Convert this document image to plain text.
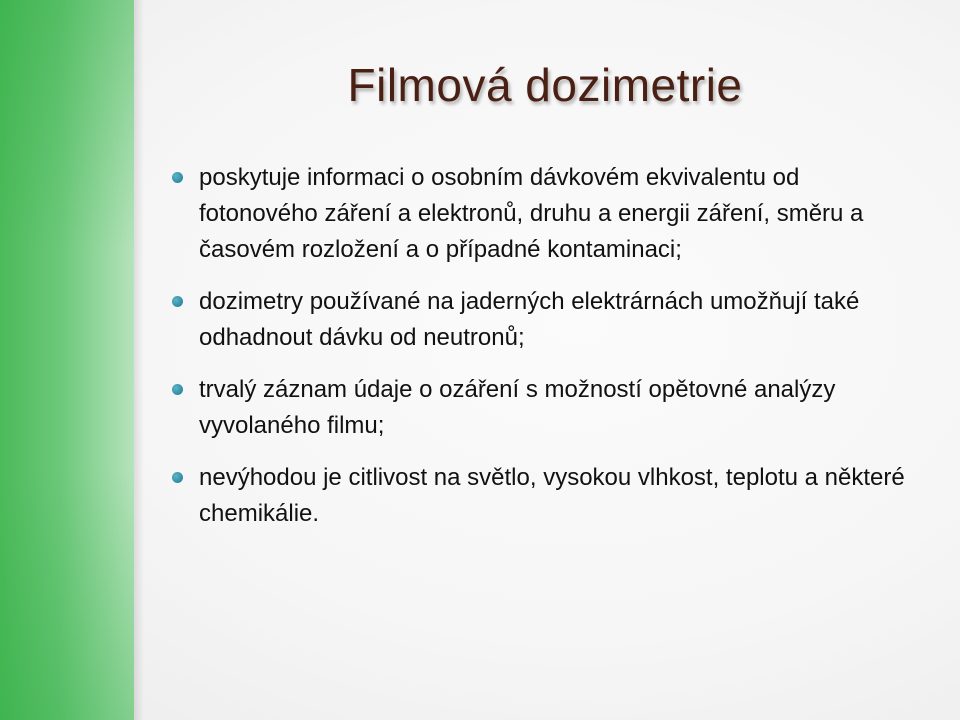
Filmová dozimetrie
poskytuje informaci o osobním dávkovém ekvivalentu od fotonového záření a elektronů, druhu a energii záření, směru a časovém rozložení a o případné kontaminaci;
dozimetry používané na jaderných elektrárnách umožňují také odhadnout dávku od neutronů;
trvalý záznam údaje o ozáření s možností opětovné analýzy vyvolaného filmu;
nevýhodou je citlivost na světlo, vysokou vlhkost, teplotu a některé chemikálie.
